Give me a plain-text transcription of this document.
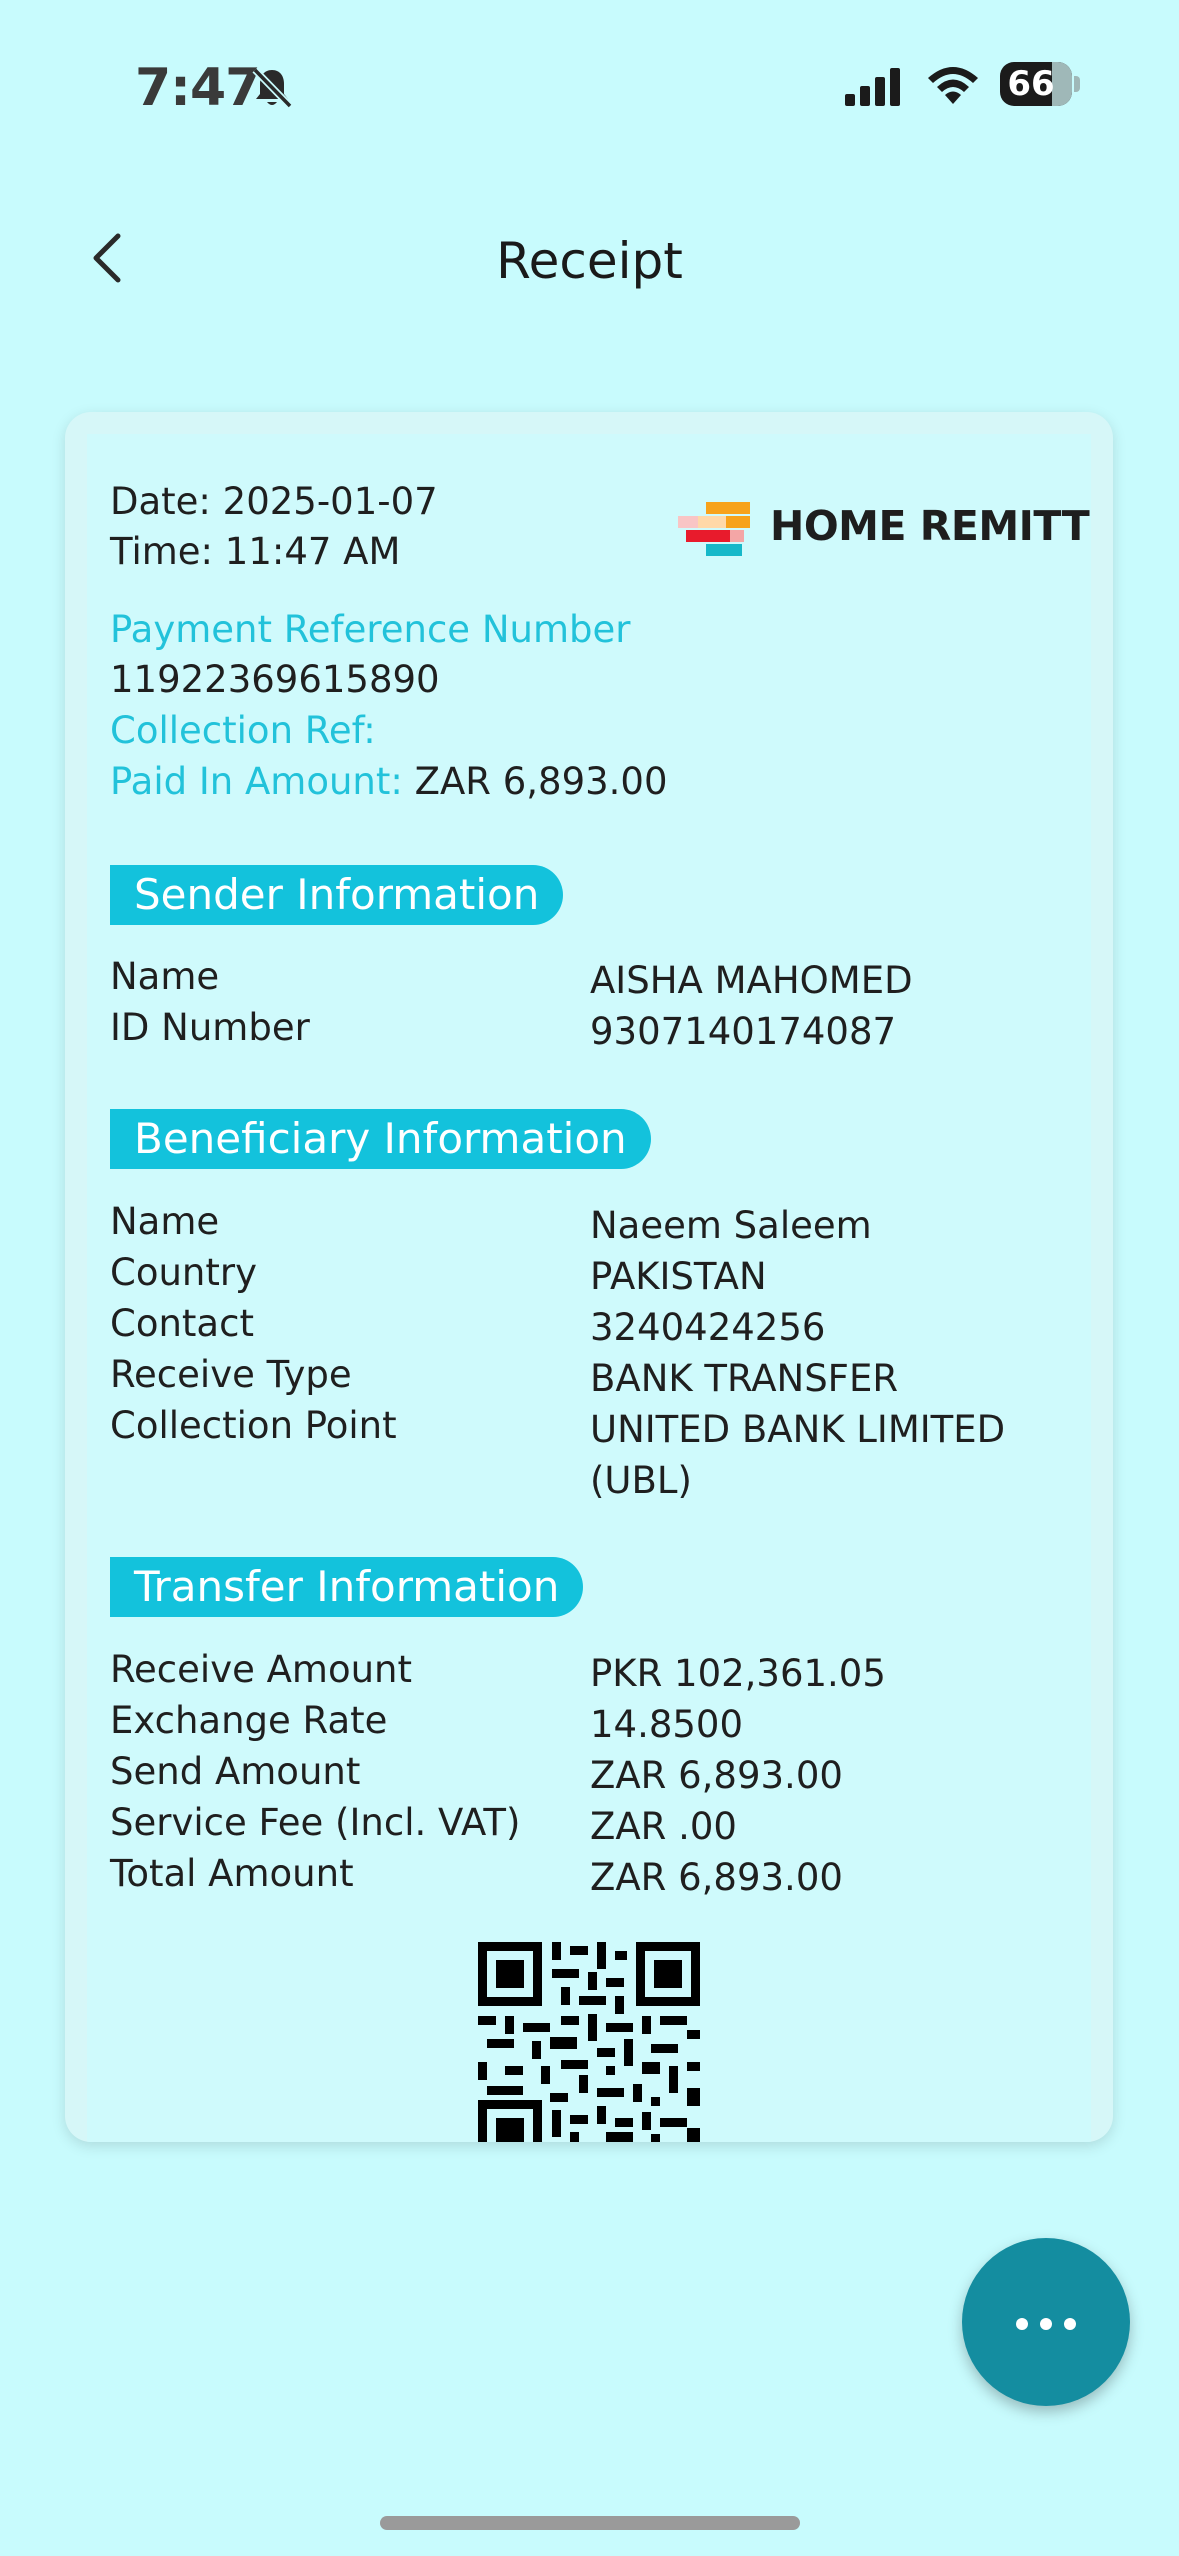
7:47	66
Receipt
Date: 2025-01-07
Time: 11:47 AM
HOME REMITT
Payment Reference Number
11922369615890
Collection Ref:
Paid In Amount: ZAR 6,893.00
Sender Information
Name	AISHA MAHOMED
ID Number	9307140174087
Beneficiary Information
Name	Naeem Saleem
Country	PAKISTAN
Contact	3240424256
Receive Type	BANK TRANSFER
Collection Point	UNITED BANK LIMITED (UBL)
Transfer Information
Receive Amount	PKR 102,361.05
Exchange Rate	14.8500
Send Amount	ZAR 6,893.00
Service Fee (Incl. VAT) ZAR .00
Total Amount	ZAR 6,893.00
